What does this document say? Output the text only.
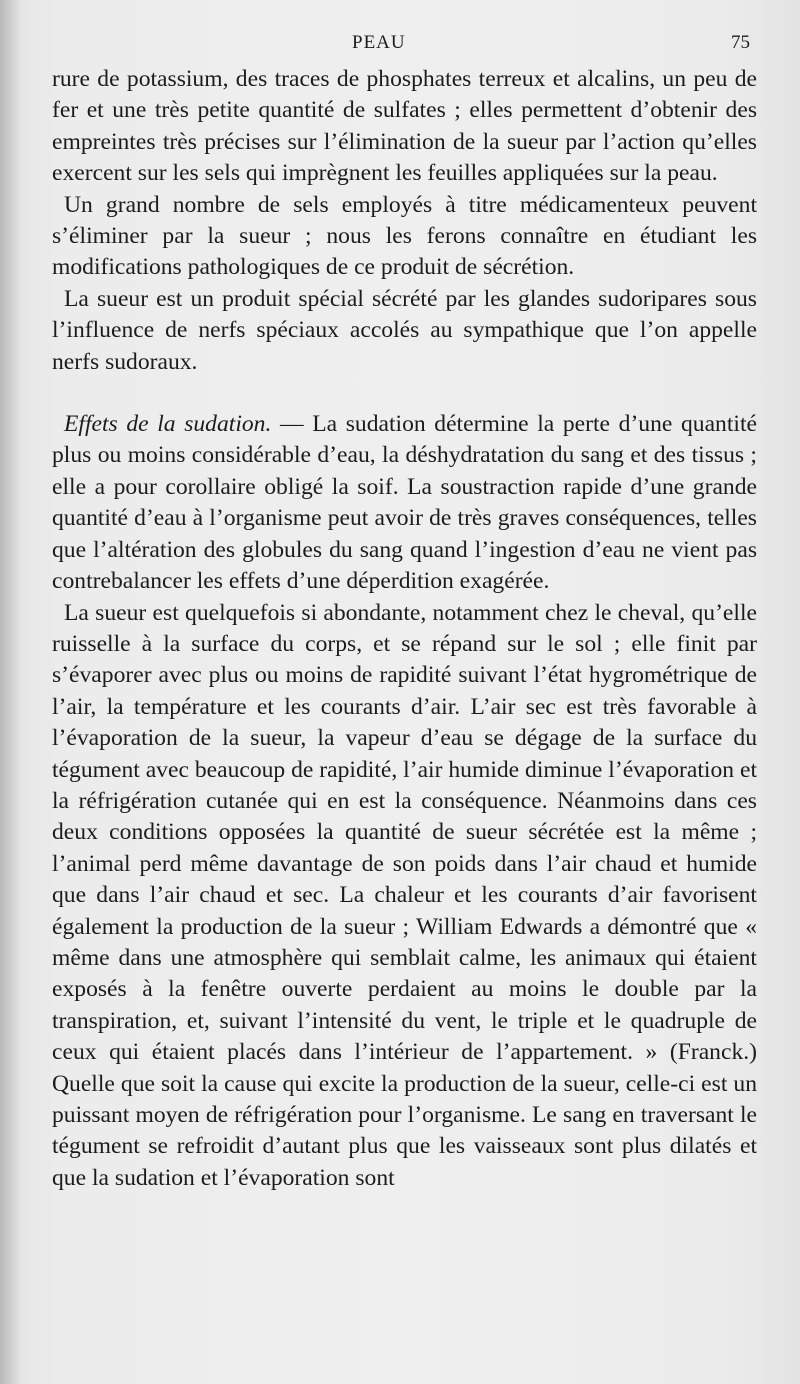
PEAU	75

rure de potassium, des traces de phosphates terreux et alcalins, un peu de fer et une très petite quantité de sulfates ; elles permettent d’obtenir des empreintes très précises sur l’élimination de la sueur par l’action qu’elles exercent sur les sels qui imprègnent les feuilles appliquées sur la peau.

Un grand nombre de sels employés à titre médicamenteux peuvent s’éliminer par la sueur ; nous les ferons connaître en étudiant les modifications pathologiques de ce produit de sécrétion.

La sueur est un produit spécial sécrété par les glandes sudoripares sous l’influence de nerfs spéciaux accolés au sympathique que l’on appelle nerfs sudoraux.

Effets de la sudation. — La sudation détermine la perte d’une quantité plus ou moins considérable d’eau, la déshydratation du sang et des tissus ; elle a pour corollaire obligé la soif. La soustraction rapide d’une grande quantité d’eau à l’organisme peut avoir de très graves conséquences, telles que l’altération des globules du sang quand l’ingestion d’eau ne vient pas contrebalancer les effets d’une déperdition exagérée.

La sueur est quelquefois si abondante, notamment chez le cheval, qu’elle ruisselle à la surface du corps, et se répand sur le sol ; elle finit par s’évaporer avec plus ou moins de rapidité suivant l’état hygrométrique de l’air, la température et les courants d’air. L’air sec est très favorable à l’évaporation de la sueur, la vapeur d’eau se dégage de la surface du tégument avec beaucoup de rapidité, l’air humide diminue l’évaporation et la réfrigération cutanée qui en est la conséquence. Néanmoins dans ces deux conditions opposées la quantité de sueur sécrétée est la même ; l’animal perd même davantage de son poids dans l’air chaud et humide que dans l’air chaud et sec. La chaleur et les courants d’air favorisent également la production de la sueur ; William Edwards a démontré que « même dans une atmosphère qui semblait calme, les animaux qui étaient exposés à la fenêtre ouverte perdaient au moins le double par la transpiration, et, suivant l’intensité du vent, le triple et le quadruple de ceux qui étaient placés dans l’intérieur de l’appartement. » (Franck.) Quelle que soit la cause qui excite la production de la sueur, celle-ci est un puissant moyen de réfrigération pour l’organisme. Le sang en traversant le tégument se refroidit d’autant plus que les vaisseaux sont plus dilatés et que la sudation et l’évaporation sont
